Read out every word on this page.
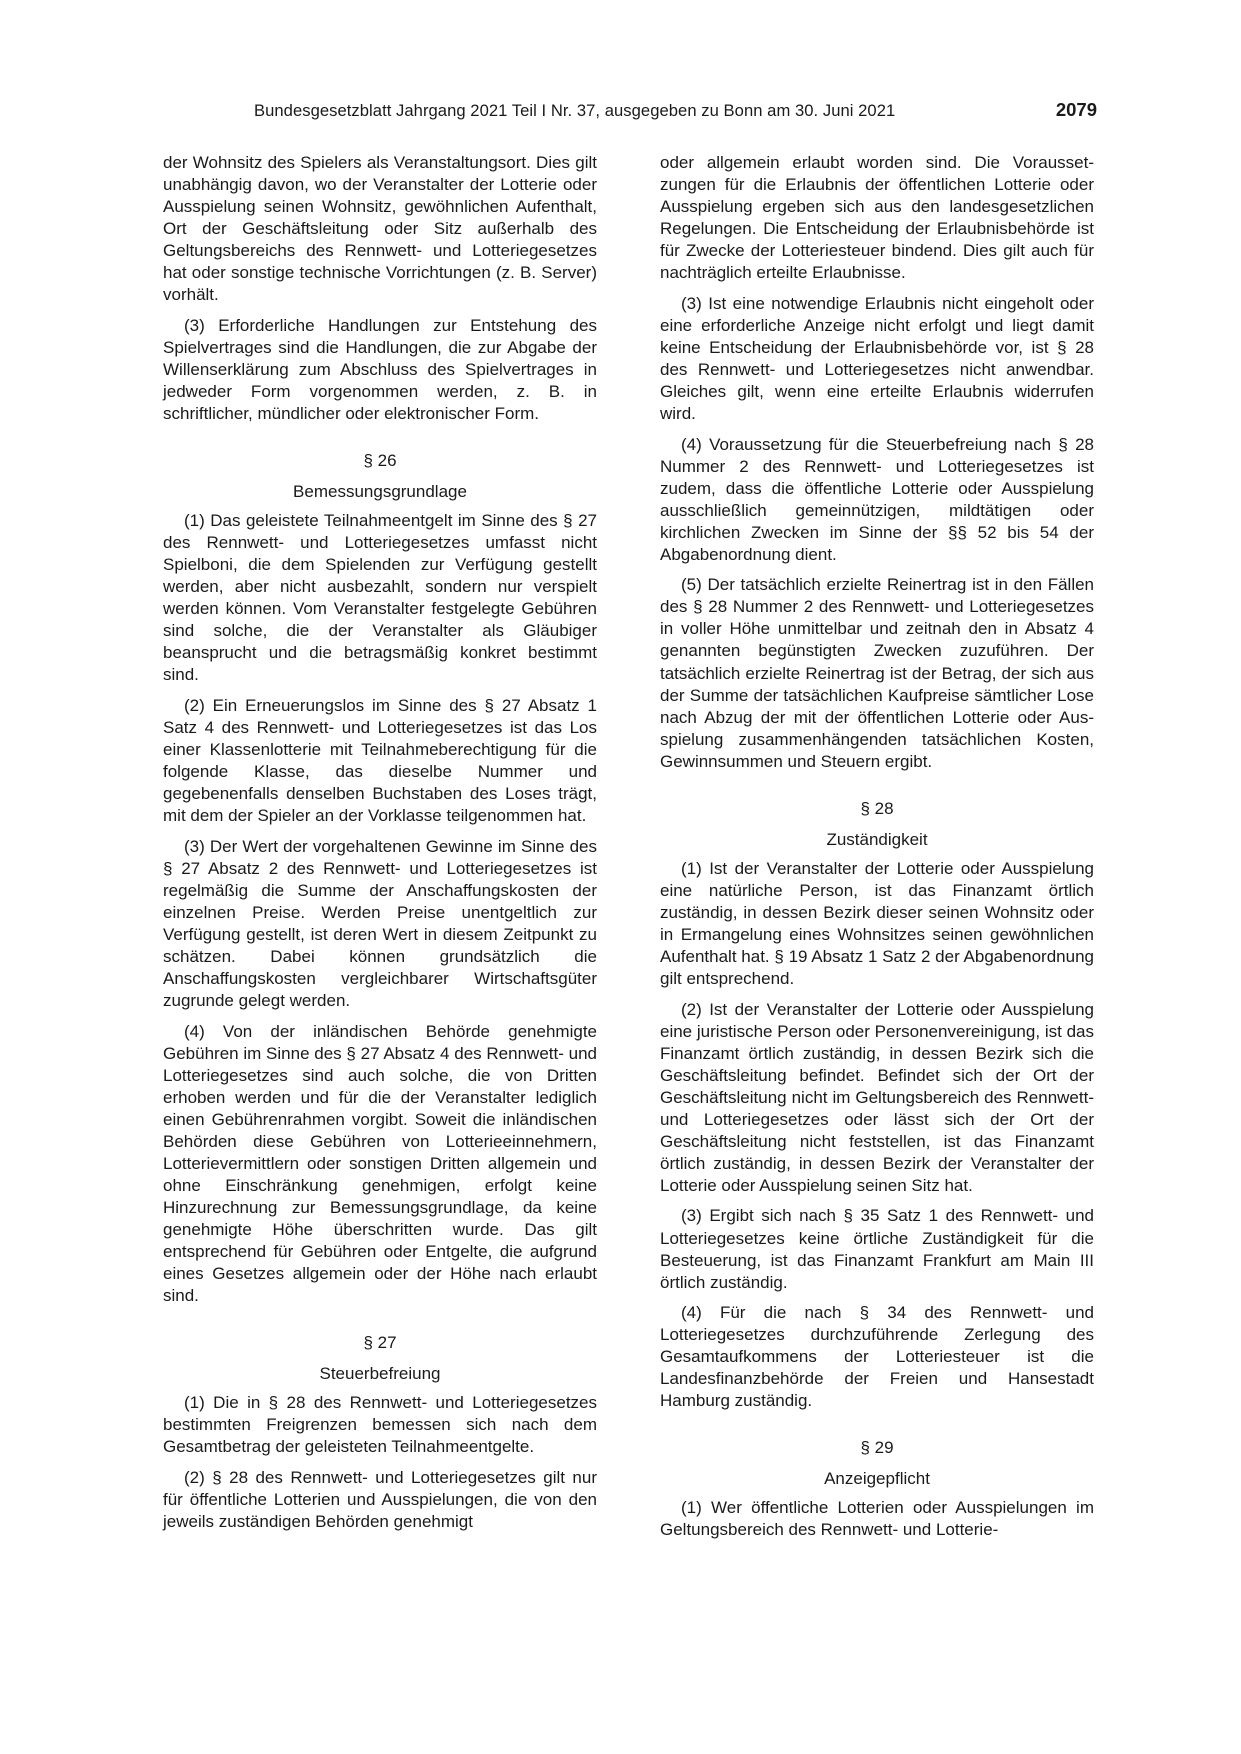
Bundesgesetzblatt Jahrgang 2021 Teil I Nr. 37, ausgegeben zu Bonn am 30. Juni 2021	2079

der Wohnsitz des Spielers als Veranstaltungsort. Dies gilt unabhängig davon, wo der Veranstalter der Lotterie oder Ausspielung seinen Wohnsitz, gewöhnlichen Aufenthalt, Ort der Geschäftsleitung oder Sitz außerhalb des Geltungsbereichs des Rennwett- und Lotteriegesetzes hat oder sonstige technische Vorrichtungen (z. B. Server) vorhält.

(3) Erforderliche Handlungen zur Entstehung des Spielvertrages sind die Handlungen, die zur Abgabe der Willenserklärung zum Abschluss des Spielvertrages in jedweder Form vorgenommen werden, z. B. in schriftlicher, mündlicher oder elektronischer Form.

§ 26
Bemessungsgrundlage

(1) Das geleistete Teilnahmeentgelt im Sinne des § 27 des Rennwett- und Lotteriegesetzes umfasst nicht Spielboni, die dem Spielenden zur Verfügung gestellt werden, aber nicht ausbezahlt, sondern nur verspielt werden können. Vom Veranstalter festgelegte Gebühren sind solche, die der Veranstalter als Gläubiger beansprucht und die betragsmäßig konkret bestimmt sind.

(2) Ein Erneuerungslos im Sinne des § 27 Absatz 1 Satz 4 des Rennwett- und Lotteriegesetzes ist das Los einer Klassenlotterie mit Teilnahmeberechtigung für die folgende Klasse, das dieselbe Nummer und gegebenenfalls denselben Buchstaben des Loses trägt, mit dem der Spieler an der Vorklasse teilgenommen hat.

(3) Der Wert der vorgehaltenen Gewinne im Sinne des § 27 Absatz 2 des Rennwett- und Lotteriegesetzes ist regelmäßig die Summe der Anschaffungskosten der einzelnen Preise. Werden Preise unentgeltlich zur Verfügung gestellt, ist deren Wert in diesem Zeitpunkt zu schätzen. Dabei können grundsätzlich die Anschaffungskosten vergleichbarer Wirtschaftsgüter zugrunde gelegt werden.

(4) Von der inländischen Behörde genehmigte Gebühren im Sinne des § 27 Absatz 4 des Rennwett- und Lotteriegesetzes sind auch solche, die von Dritten erhoben werden und für die der Veranstalter lediglich einen Gebührenrahmen vorgibt. Soweit die inländischen Behörden diese Gebühren von Lotterieeinnehmern, Lotterievermittlern oder sonstigen Dritten allgemein und ohne Einschränkung genehmigen, erfolgt keine Hinzurechnung zur Bemessungsgrundlage, da keine genehmigte Höhe überschritten wurde. Das gilt entsprechend für Gebühren oder Entgelte, die aufgrund eines Gesetzes allgemein oder der Höhe nach erlaubt sind.

§ 27
Steuerbefreiung

(1) Die in § 28 des Rennwett- und Lotteriegesetzes bestimmten Freigrenzen bemessen sich nach dem Gesamtbetrag der geleisteten Teilnahmeentgelte.

(2) § 28 des Rennwett- und Lotteriegesetzes gilt nur für öffentliche Lotterien und Ausspielungen, die von den jeweils zuständigen Behörden genehmigt

oder allgemein erlaubt worden sind. Die Voraussetzungen für die Erlaubnis der öffentlichen Lotterie oder Ausspielung ergeben sich aus den landesgesetzlichen Regelungen. Die Entscheidung der Erlaubnisbehörde ist für Zwecke der Lotteriesteuer bindend. Dies gilt auch für nachträglich erteilte Erlaubnisse.

(3) Ist eine notwendige Erlaubnis nicht eingeholt oder eine erforderliche Anzeige nicht erfolgt und liegt damit keine Entscheidung der Erlaubnisbehörde vor, ist § 28 des Rennwett- und Lotteriegesetzes nicht anwendbar. Gleiches gilt, wenn eine erteilte Erlaubnis widerrufen wird.

(4) Voraussetzung für die Steuerbefreiung nach § 28 Nummer 2 des Rennwett- und Lotteriegesetzes ist zudem, dass die öffentliche Lotterie oder Ausspielung ausschließlich gemeinnützigen, mildtätigen oder kirchlichen Zwecken im Sinne der §§ 52 bis 54 der Abgabenordnung dient.

(5) Der tatsächlich erzielte Reinertrag ist in den Fällen des § 28 Nummer 2 des Rennwett- und Lotteriegesetzes in voller Höhe unmittelbar und zeitnah den in Absatz 4 genannten begünstigten Zwecken zuzuführen. Der tatsächlich erzielte Reinertrag ist der Betrag, der sich aus der Summe der tatsächlichen Kaufpreise sämtlicher Lose nach Abzug der mit der öffentlichen Lotterie oder Ausspielung zusammenhängenden tatsächlichen Kosten, Gewinnsummen und Steuern ergibt.

§ 28
Zuständigkeit

(1) Ist der Veranstalter der Lotterie oder Ausspielung eine natürliche Person, ist das Finanzamt örtlich zuständig, in dessen Bezirk dieser seinen Wohnsitz oder in Ermangelung eines Wohnsitzes seinen gewöhnlichen Aufenthalt hat. § 19 Absatz 1 Satz 2 der Abgabenordnung gilt entsprechend.

(2) Ist der Veranstalter der Lotterie oder Ausspielung eine juristische Person oder Personenvereinigung, ist das Finanzamt örtlich zuständig, in dessen Bezirk sich die Geschäftsleitung befindet. Befindet sich der Ort der Geschäftsleitung nicht im Geltungsbereich des Rennwett- und Lotteriegesetzes oder lässt sich der Ort der Geschäftsleitung nicht feststellen, ist das Finanzamt örtlich zuständig, in dessen Bezirk der Veranstalter der Lotterie oder Ausspielung seinen Sitz hat.

(3) Ergibt sich nach § 35 Satz 1 des Rennwett- und Lotteriegesetzes keine örtliche Zuständigkeit für die Besteuerung, ist das Finanzamt Frankfurt am Main III örtlich zuständig.

(4) Für die nach § 34 des Rennwett- und Lotteriegesetzes durchzuführende Zerlegung des Gesamtaufkommens der Lotteriesteuer ist die Landesfinanzbehörde der Freien und Hansestadt Hamburg zuständig.

§ 29
Anzeigepflicht

(1) Wer öffentliche Lotterien oder Ausspielungen im Geltungsbereich des Rennwett- und Lotterie-
